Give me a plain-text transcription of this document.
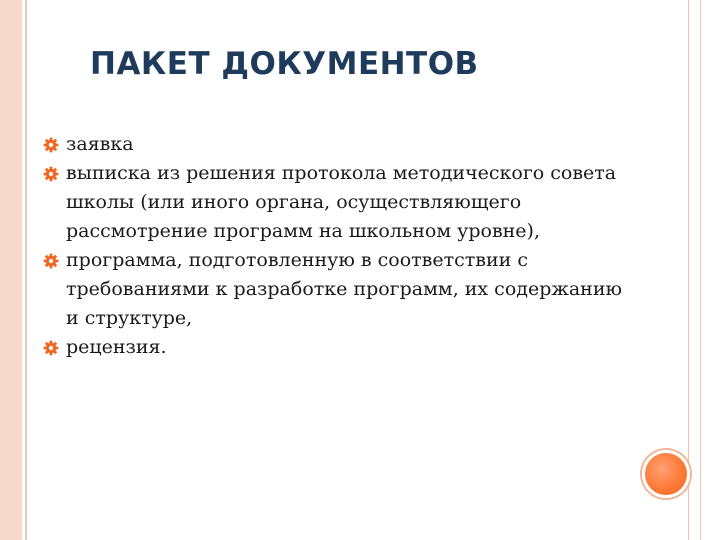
ПАКЕТ ДОКУМЕНТОВ
заявка
выписка из решения протокола методического совета школы (или иного органа, осуществляющего рассмотрение программ на школьном уровне),
программа, подготовленную в соответствии с требованиями к разработке программ, их содержанию и структуре,
рецензия.
